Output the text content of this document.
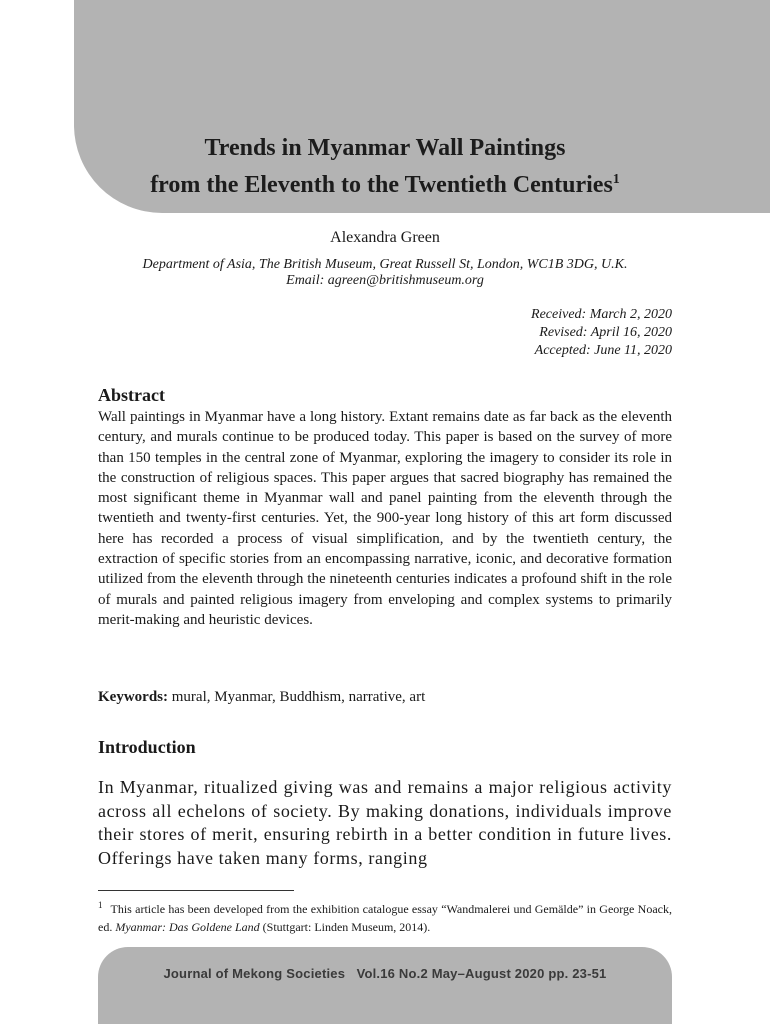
Trends in Myanmar Wall Paintings
from the Eleventh to the Twentieth Centuries$^1$
Alexandra Green
Department of Asia, The British Museum, Great Russell St, London, WC1B 3DG, U.K.
Email: agreen@britishmuseum.org
Received: March 2, 2020
Revised: April 16, 2020
Accepted: June 11, 2020
Abstract
Wall paintings in Myanmar have a long history. Extant remains date as far back as the eleventh century, and murals continue to be produced today. This paper is based on the survey of more than 150 temples in the central zone of Myanmar, exploring the imagery to consider its role in the construction of religious spaces. This paper argues that sacred biography has remained the most significant theme in Myanmar wall and panel painting from the eleventh through the twentieth and twenty-first centuries. Yet, the 900-year long history of this art form discussed here has recorded a process of visual simplification, and by the twentieth century, the extraction of specific stories from an encompassing narrative, iconic, and decorative formation utilized from the eleventh through the nineteenth centuries indicates a profound shift in the role of murals and painted religious imagery from enveloping and complex systems to primarily merit-making and heuristic devices.
Keywords: mural, Myanmar, Buddhism, narrative, art
Introduction
In Myanmar, ritualized giving was and remains a major religious activity across all echelons of society. By making donations, individuals improve their stores of merit, ensuring rebirth in a better condition in future lives. Offerings have taken many forms, ranging
$^1$ This article has been developed from the exhibition catalogue essay “Wandmalerei und Gemälde” in George Noack, ed. Myanmar: Das Goldene Land (Stuttgart: Linden Museum, 2014).
Journal of Mekong Societies Vol.16 No.2 May–August 2020 pp. 23-51
